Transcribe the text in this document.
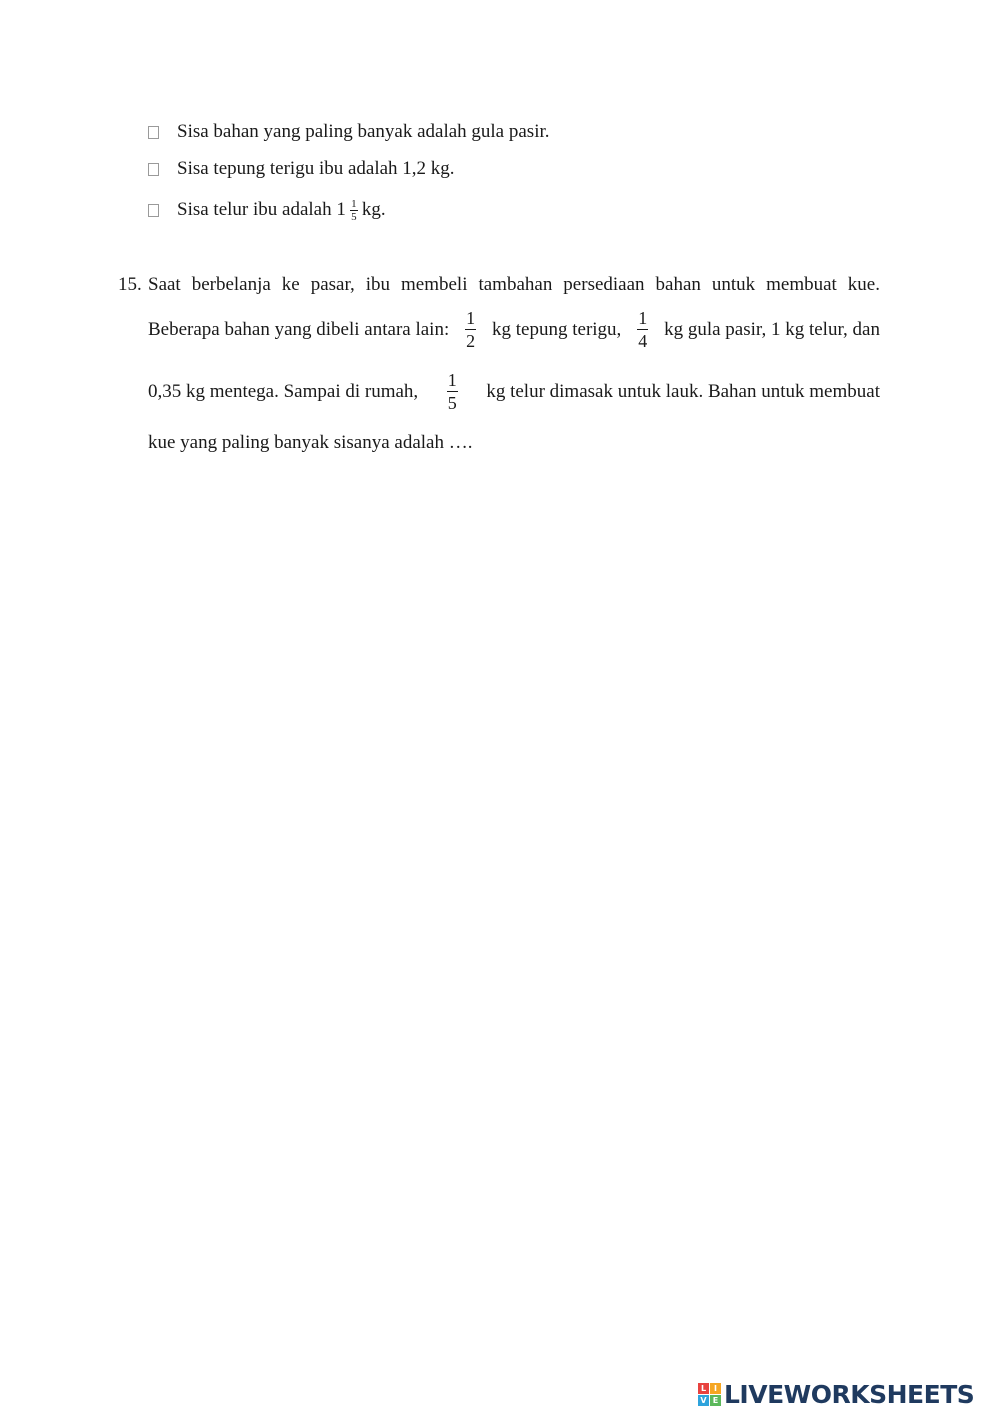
Sisa bahan yang paling banyak adalah gula pasir.
Sisa tepung terigu ibu adalah 1,2 kg.
Sisa telur ibu adalah $1 \frac{1}{5}$ kg.
15. Saat berbelanja ke pasar, ibu membeli tambahan persediaan bahan untuk membuat kue.
Beberapa bahan yang dibeli antara lain: $\frac{1}{2}$ kg tepung terigu, $\frac{1}{4}$ kg gula pasir, 1 kg telur, dan
0,35 kg mentega. Sampai di rumah, $\frac{1}{5}$ kg telur dimasak untuk lauk. Bahan untuk membuat
kue yang paling banyak sisanya adalah ….
L I
V E LIVEWORKSHEETS
